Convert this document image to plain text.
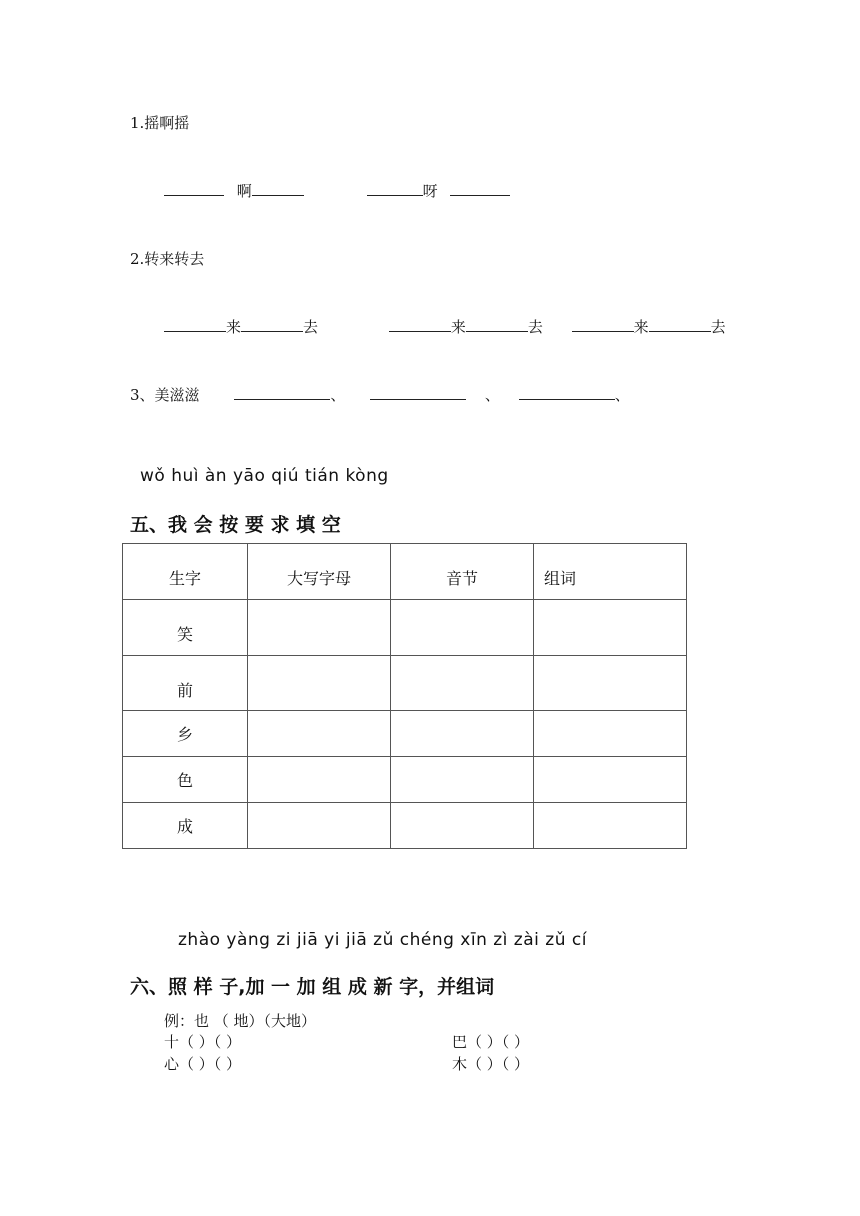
1.摇啊摇
啊	呀
2.转来转去
来	去	来	去	来	去
3、美滋滋	、	、	、
wǒ huì àn yāo qiú tián kòng
五、我 会 按 要 求 填 空
生字	大写字母	音节	组词
笑			
前			
乡			
色			
成			
zhào yàng zi jiā yi jiā zǔ chéng xīn zì zài zǔ cí
六、照 样 子,加 一 加 组 成 新 字，并组词
例：也 （ 地）（大地）
十（ ）（ ）	巴（ ）（ ）
心（ ）（ ）	木（ ）（ ）
